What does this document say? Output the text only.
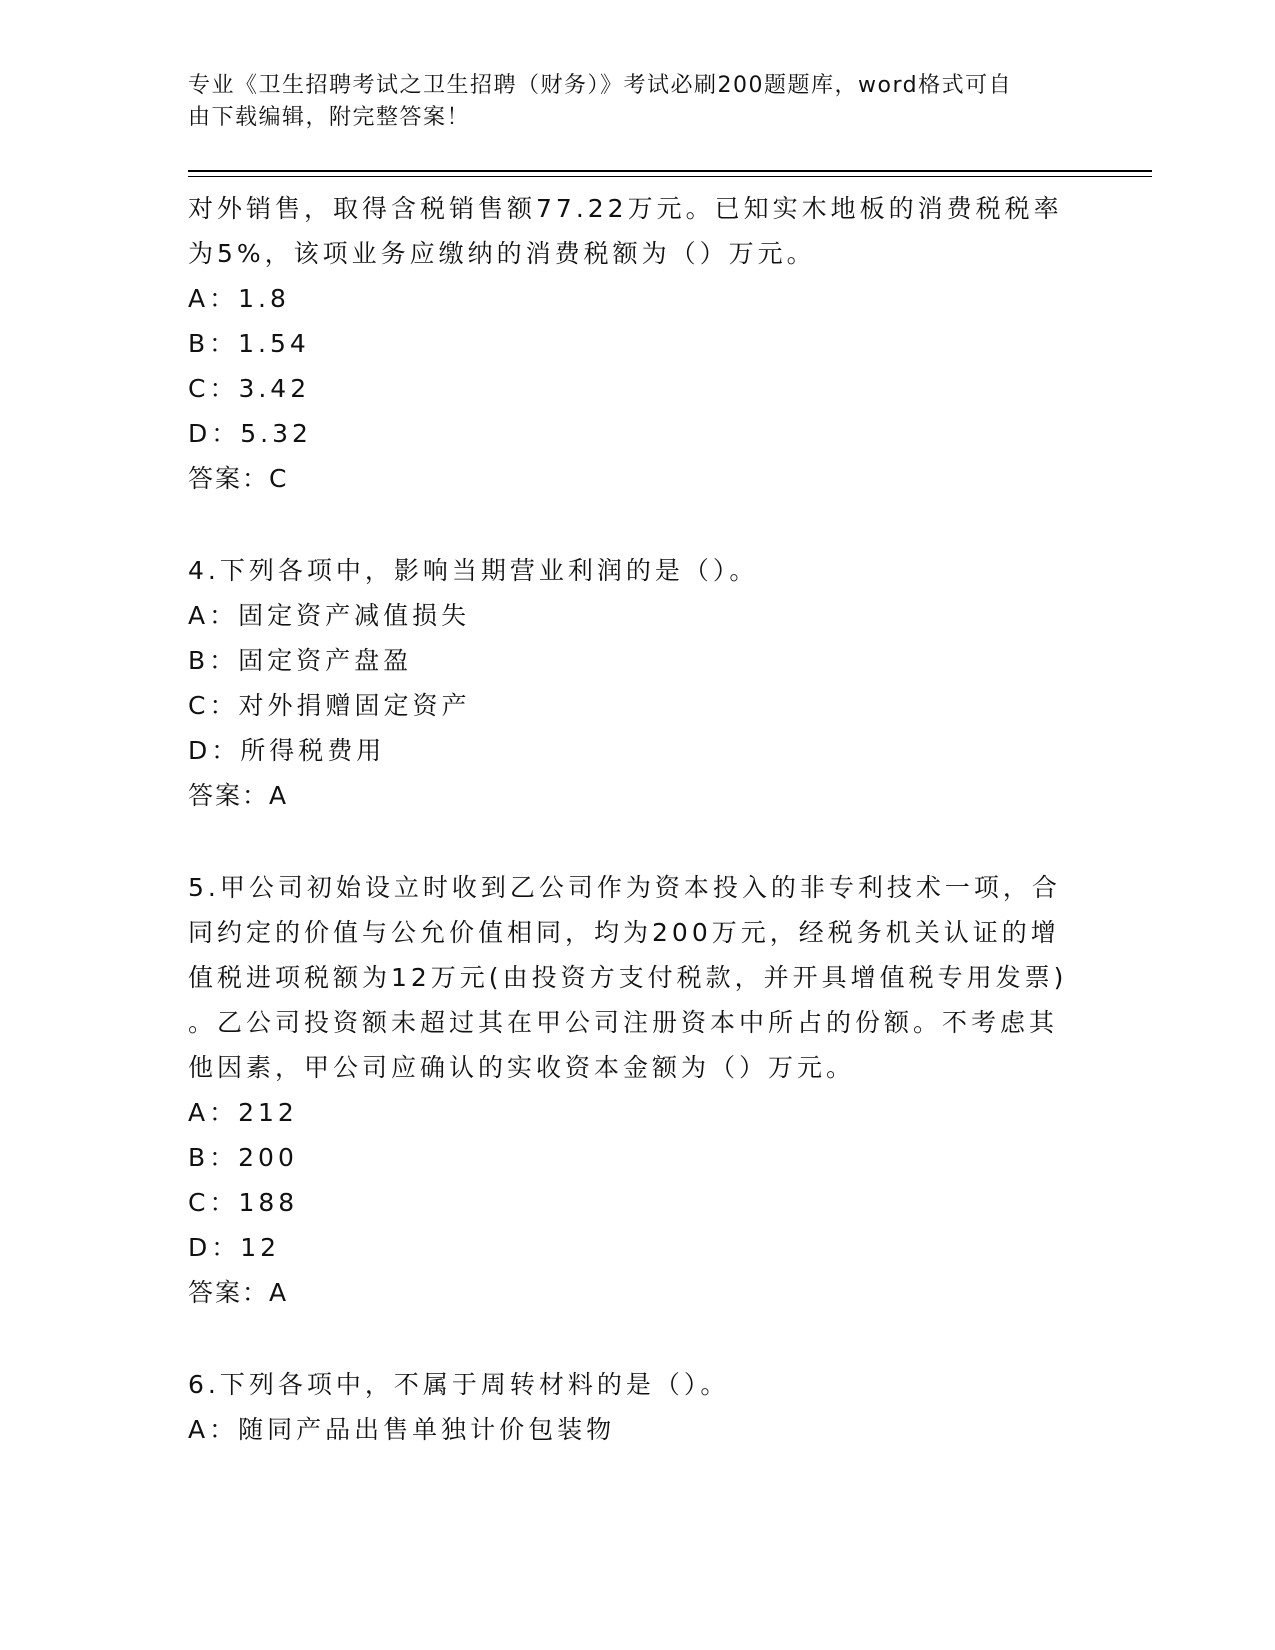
专业《卫生招聘考试之卫生招聘（财务）》考试必刷200题题库，word格式可自
由下载编辑，附完整答案！
对外销售，取得含税销售额77.22万元。已知实木地板的消费税税率
为5%，该项业务应缴纳的消费税额为（）万元。
A：1.8
B：1.54
C：3.42
D：5.32
答案：C
4.下列各项中，影响当期营业利润的是（）。
A：固定资产减值损失
B：固定资产盘盈
C：对外捐赠固定资产
D：所得税费用
答案：A
5.甲公司初始设立时收到乙公司作为资本投入的非专利技术一项，合
同约定的价值与公允价值相同，均为200万元，经税务机关认证的增
值税进项税额为12万元(由投资方支付税款，并开具增值税专用发票)
。乙公司投资额未超过其在甲公司注册资本中所占的份额。不考虑其
他因素，甲公司应确认的实收资本金额为（）万元。
A：212
B：200
C：188
D：12
答案：A
6.下列各项中，不属于周转材料的是（）。
A：随同产品出售单独计价包装物
